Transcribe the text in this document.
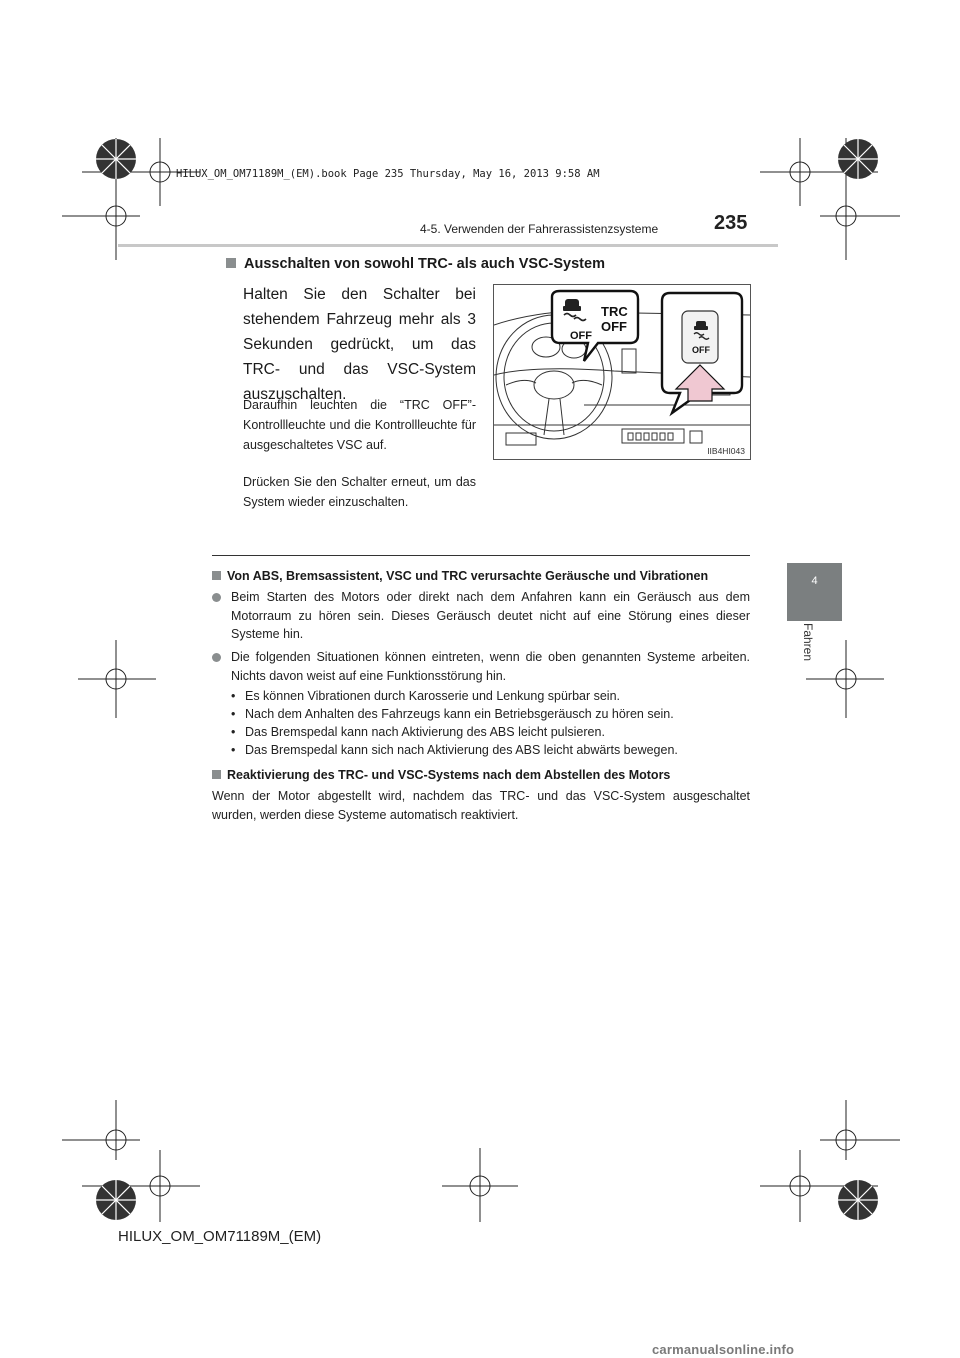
HILUX_OM_OM71189M_(EM).book Page 235 Thursday, May 16, 2013 9:58 AM
4-5. Verwenden der Fahrerassistenzsysteme	235
4
Fahren
Ausschalten von sowohl TRC- als auch VSC-System
Halten Sie den Schalter bei stehendem Fahrzeug mehr als 3 Sekunden gedrückt, um das TRC- und das VSC-System auszuschalten.
Daraufhin leuchten die “TRC OFF”-Kontrollleuchte und die Kontrollleuchte für ausgeschaltetes VSC auf.
Drücken Sie den Schalter erneut, um das System wieder einzuschalten.
OFF
TRC
OFF
OFF
IIB4HI043
Von ABS, Bremsassistent, VSC und TRC verursachte Geräusche und Vibrationen
Beim Starten des Motors oder direkt nach dem Anfahren kann ein Geräusch aus dem Motorraum zu hören sein. Dieses Geräusch deutet nicht auf eine Störung eines dieser Systeme hin.
Die folgenden Situationen können eintreten, wenn die oben genannten Systeme arbeiten. Nichts davon weist auf eine Funktionsstörung hin.
• Es können Vibrationen durch Karosserie und Lenkung spürbar sein.
• Nach dem Anhalten des Fahrzeugs kann ein Betriebsgeräusch zu hören sein.
• Das Bremspedal kann nach Aktivierung des ABS leicht pulsieren.
• Das Bremspedal kann sich nach Aktivierung des ABS leicht abwärts bewegen.
Reaktivierung des TRC- und VSC-Systems nach dem Abstellen des Motors
Wenn der Motor abgestellt wird, nachdem das TRC- und das VSC-System ausgeschaltet wurden, werden diese Systeme automatisch reaktiviert.
HILUX_OM_OM71189M_(EM)
carmanualsonline.info
